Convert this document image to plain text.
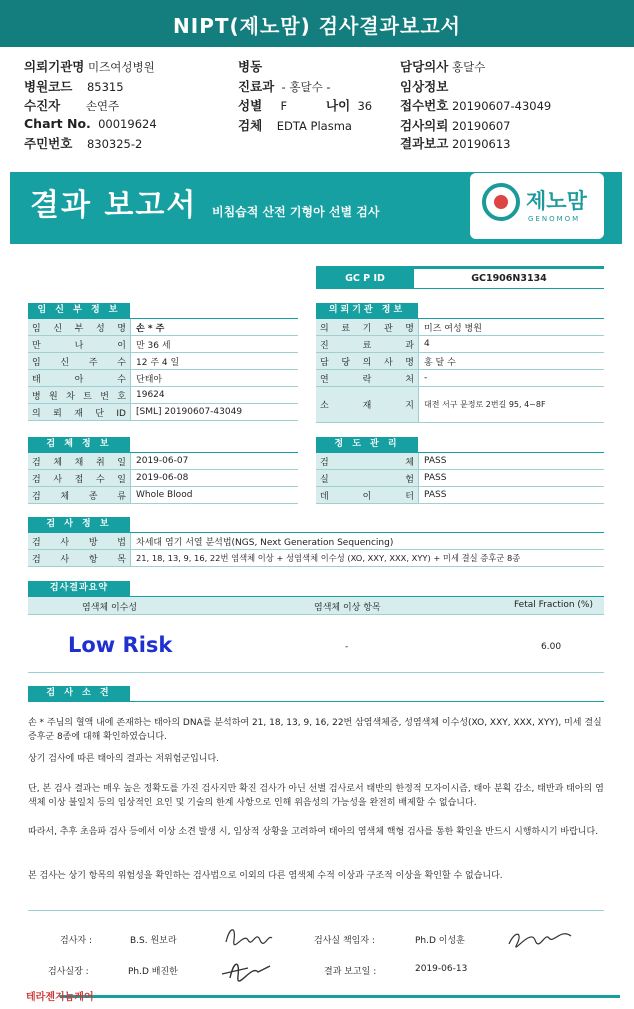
NIPT(제노맘) 검사결과보고서
의뢰기관명 미즈여성병원
병원코드 85315
수진자 손연주
Chart No. 00019624
주민번호 830325-2
병동
진료과 - 홍달수 -
성별 F	나이 36
검체 EDTA Plasma
담당의사 홍달수
임상정보
접수번호 20190607-43049
검사의뢰 20190607
결과보고 20190613
결과 보고서 비침습적 산전 기형아 선별 검사	제노맘
GENOMOM
GC P ID	GC1906N3134
임 신 부 정 보
임 신 부 성 명	손 * 주
만 나 이	만 36 세
임 신 주 수	12 주 4 일
태 아 수	단태아
병 원 차 트 번 호	19624
의 뢰 재 단 ID	[SML] 20190607-43049
의뢰기관 정보
의 료 기 관 명	미즈 여성 병원
진 료 과	4
담 당 의 사 명	홍 달 수
연 락 처	-
소 재 지	대전 서구 문정로 2번길 95, 4~8F
검 체 정 보
검 체 채 취 일	2019-06-07
검 사 접 수 일	2019-06-08
검 체 종 류	Whole Blood
정 도 관 리
검 체	PASS
실 험	PASS
데 이 터	PASS
검 사 정 보
검 사 방 법	차세대 염기 서열 분석법(NGS, Next Generation Sequencing)
검 사 항 목	21, 18, 13, 9, 16, 22번 염색체 이상 + 성염색체 이수성 (XO, XXY, XXX, XYY) + 미세 결실 증후군 8종
검사결과요약
염색체 이수성	염색체 이상 항목	Fetal Fraction (%)
Low Risk	-	6.00
검 사 소 견
손 * 주님의 혈액 내에 존재하는 태아의 DNA를 분석하여 21, 18, 13, 9, 16, 22번 삼염색체증, 성염색체 이수성(XO, XXY, XXX, XYY), 미세 결실 증후군 8종에 대해 확인하였습니다.
상기 검사에 따른 태아의 결과는 저위험군입니다.
단, 본 검사 결과는 매우 높은 정확도를 가진 검사지만 확진 검사가 아닌 선별 검사로서 태반의 한정적 모자이시즘, 태아 분획 감소, 태반과 태아의 염색체 이상 불일치 등의 임상적인 요인 및 기술의 한계 사항으로 인해 위음성의 가능성을 완전히 배제할 수 없습니다.
따라서, 추후 초음파 검사 등에서 이상 소견 발생 시, 임상적 상황을 고려하여 태아의 염색체 핵형 검사를 통한 확인을 반드시 시행하시기 바랍니다.
본 검사는 상기 항목의 위험성을 확인하는 검사법으로 이외의 다른 염색체 수적 이상과 구조적 이상을 확인할 수 없습니다.
검사자 :	B.S. 원보라	검사실 책임자 :	Ph.D 이성훈
검사실장 :	Ph.D 배진한	결과 보고일 :	2019-06-13
테라젠지놈케어
